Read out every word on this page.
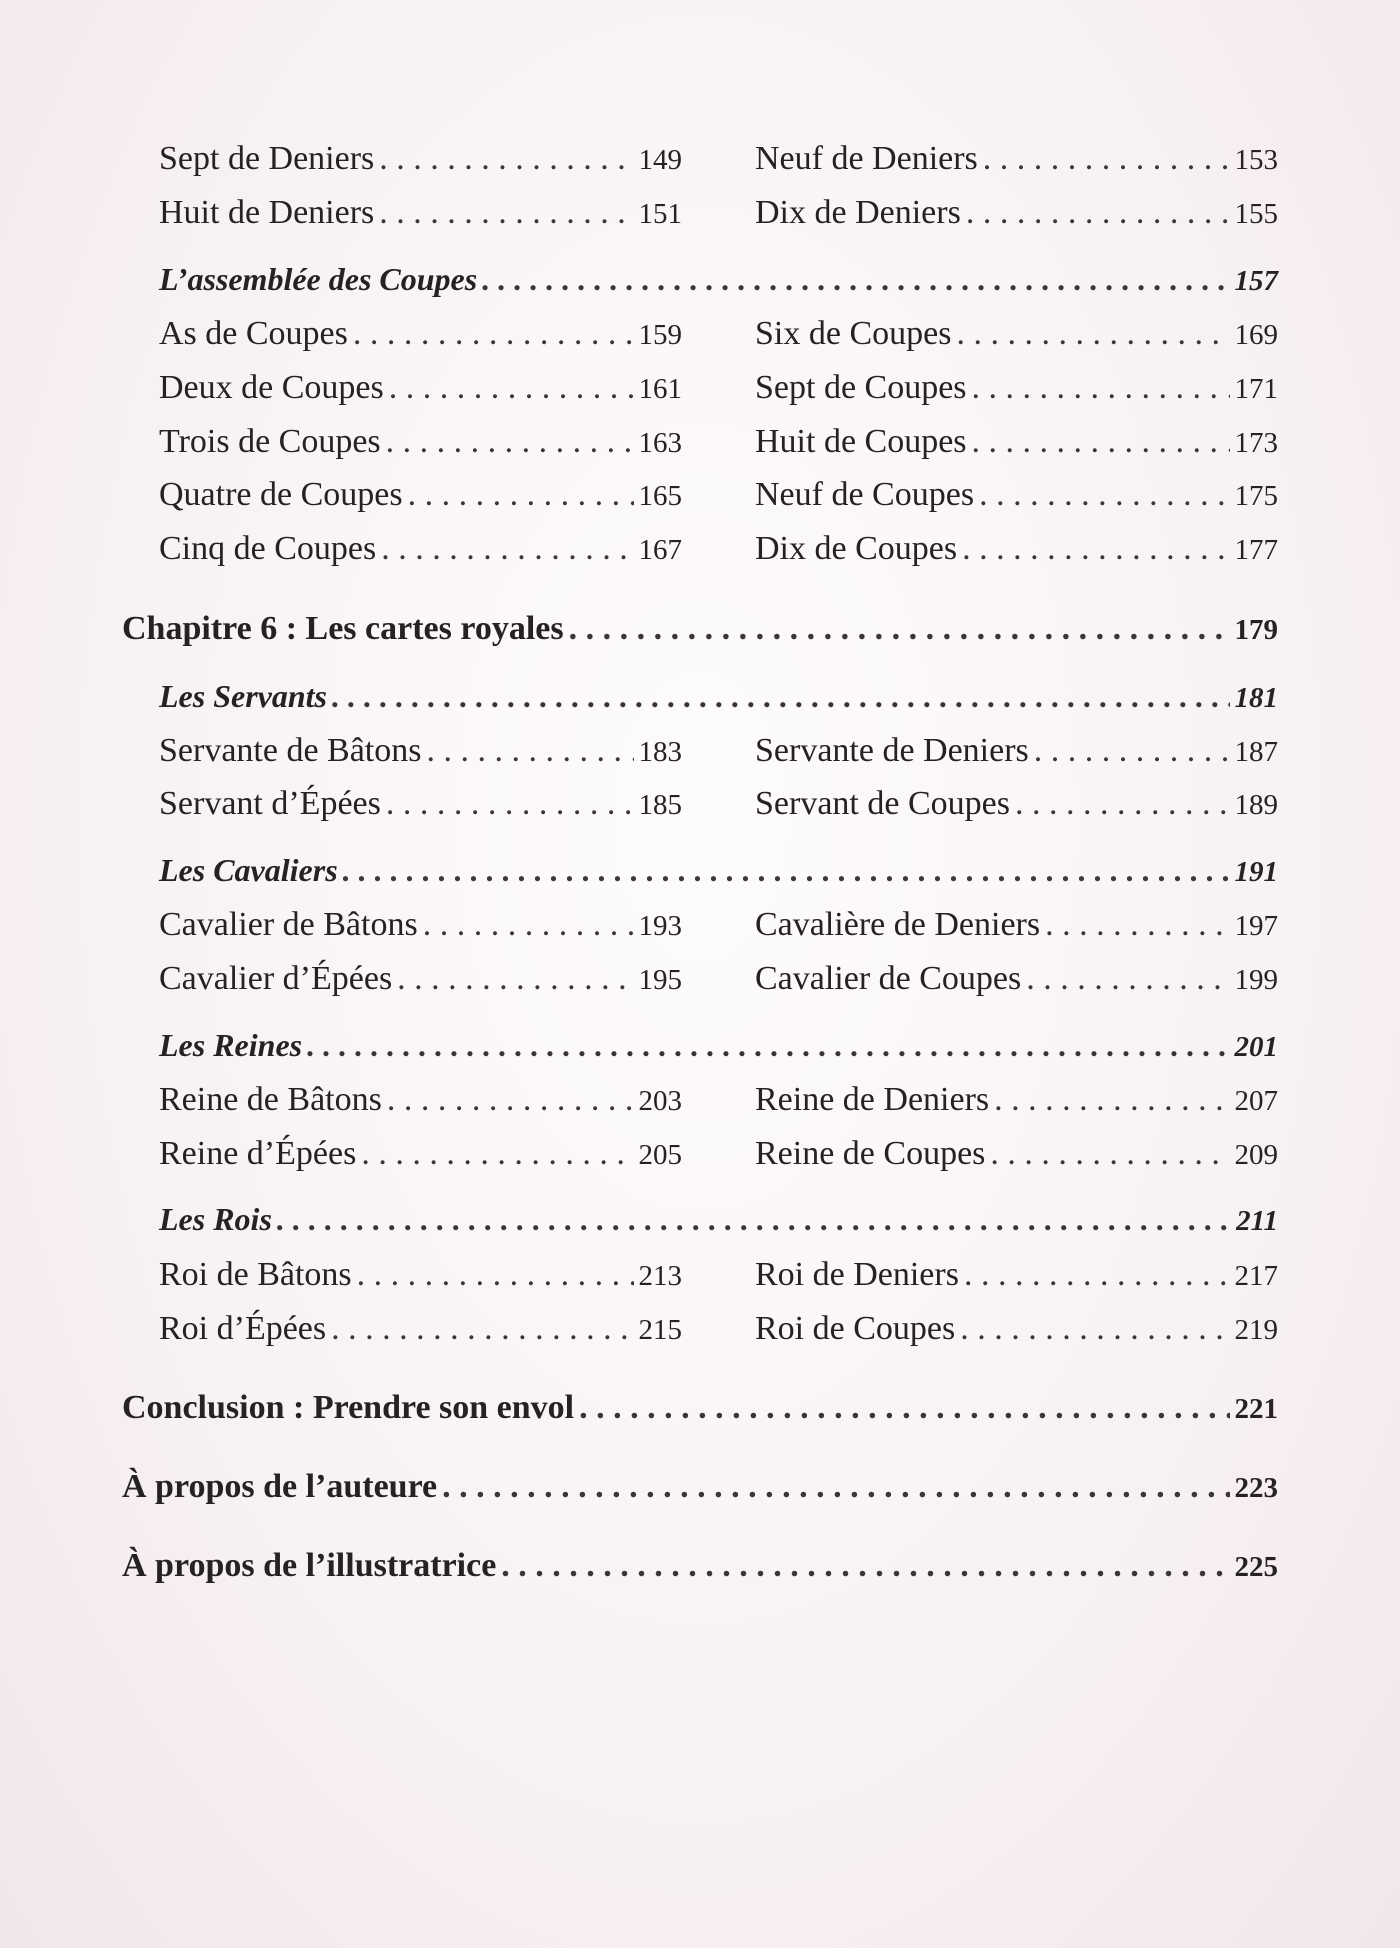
Sept de Deniers . . .	149
Huit de Deniers . . .	151
Neuf de Deniers . . .	153
Dix de Deniers . . .	155
L’assemblée des Coupes . . .	157
As de Coupes . . .	159
Deux de Coupes . . .	161
Trois de Coupes . . .	163
Quatre de Coupes . . .	165
Cinq de Coupes . . .	167
Six de Coupes . . .	169
Sept de Coupes . . .	171
Huit de Coupes . . .	173
Neuf de Coupes . . .	175
Dix de Coupes . . .	177
Chapitre 6 : Les cartes royales . . .	179
Les Servants . . .	181
Servante de Bâtons . . .	183
Servant d’Épées . . .	185
Servante de Deniers . . .	187
Servant de Coupes . . .	189
Les Cavaliers . . .	191
Cavalier de Bâtons . . .	193
Cavalier d’Épées . . .	195
Cavalière de Deniers . . .	197
Cavalier de Coupes . . .	199
Les Reines . . .	201
Reine de Bâtons . . .	203
Reine d’Épées . . .	205
Reine de Deniers . . .	207
Reine de Coupes . . .	209
Les Rois . . .	211
Roi de Bâtons . . .	213
Roi d’Épées . . .	215
Roi de Deniers . . .	217
Roi de Coupes . . .	219
Conclusion : Prendre son envol . . .	221
À propos de l’auteure . . .	223
À propos de l’illustratrice . . .	225
